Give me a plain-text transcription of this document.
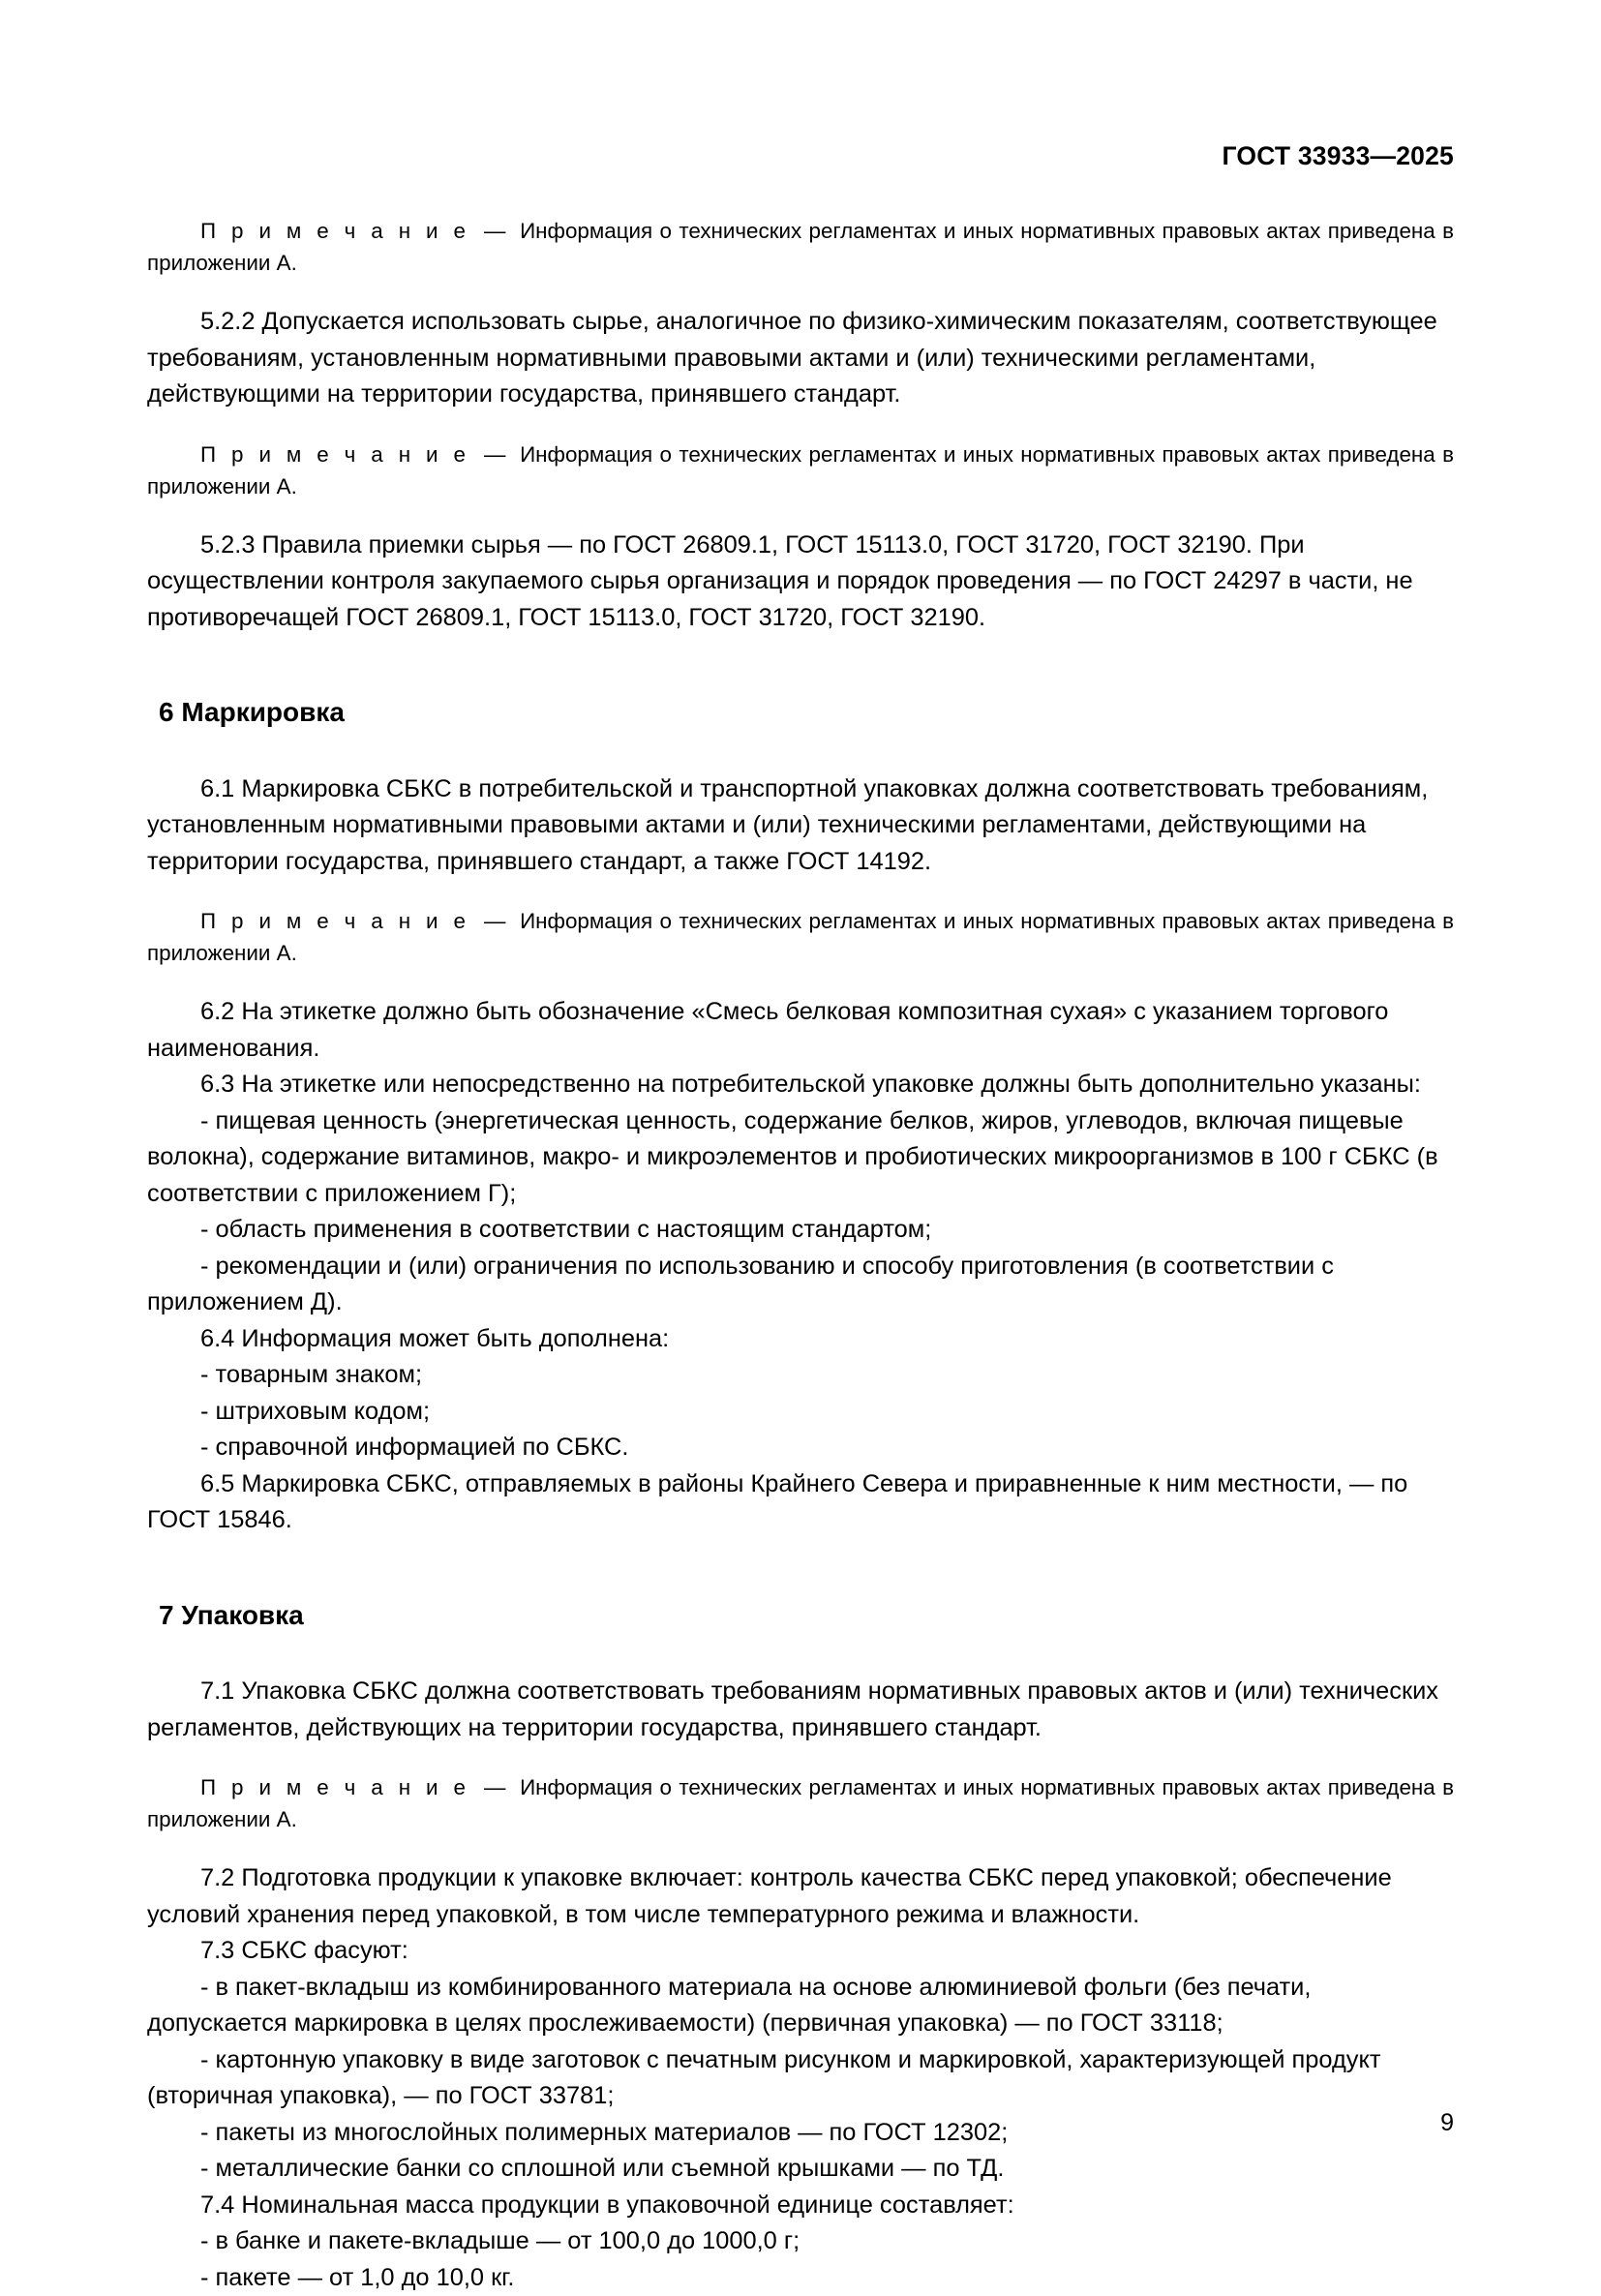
ГОСТ 33933—2025

П р и м е ч а н и е  —  Информация о технических регламентах и иных нормативных правовых актах приведена в приложении А.

5.2.2 Допускается использовать сырье, аналогичное по физико-химическим показателям, соответствующее требованиям, установленным нормативными правовыми актами и (или) техническими регламентами, действующими на территории государства, принявшего стандарт.

П р и м е ч а н и е  —  Информация о технических регламентах и иных нормативных правовых актах приведена в приложении А.

5.2.3 Правила приемки сырья — по ГОСТ 26809.1, ГОСТ 15113.0, ГОСТ 31720, ГОСТ 32190. При осуществлении контроля закупаемого сырья организация и порядок проведения — по ГОСТ 24297 в части, не противоречащей ГОСТ 26809.1, ГОСТ 15113.0, ГОСТ 31720, ГОСТ 32190.

6 Маркировка

6.1 Маркировка СБКС в потребительской и транспортной упаковках должна соответствовать требованиям, установленным нормативными правовыми актами и (или) техническими регламентами, действующими на территории государства, принявшего стандарт, а также ГОСТ 14192.

П р и м е ч а н и е  —  Информация о технических регламентах и иных нормативных правовых актах приведена в приложении А.

6.2 На этикетке должно быть обозначение «Смесь белковая композитная сухая» с указанием торгового наименования.

6.3 На этикетке или непосредственно на потребительской упаковке должны быть дополнительно указаны:

- пищевая ценность (энергетическая ценность, содержание белков, жиров, углеводов, включая пищевые волокна), содержание витаминов, макро- и микроэлементов и пробиотических микроорганизмов в 100 г СБКС (в соответствии с приложением Г);

- область применения в соответствии с настоящим стандартом;

- рекомендации и (или) ограничения по использованию и способу приготовления (в соответствии с приложением Д).

6.4 Информация может быть дополнена:

- товарным знаком;

- штриховым кодом;

- справочной информацией по СБКС.

6.5 Маркировка СБКС, отправляемых в районы Крайнего Севера и приравненные к ним местности, — по ГОСТ 15846.

7 Упаковка

7.1 Упаковка СБКС должна соответствовать требованиям нормативных правовых актов и (или) технических регламентов, действующих на территории государства, принявшего стандарт.

П р и м е ч а н и е  —  Информация о технических регламентах и иных нормативных правовых актах приведена в приложении А.

7.2 Подготовка продукции к упаковке включает: контроль качества СБКС перед упаковкой; обеспечение условий хранения перед упаковкой, в том числе температурного режима и влажности.

7.3 СБКС фасуют:

- в пакет-вкладыш из комбинированного материала на основе алюминиевой фольги (без печати, допускается маркировка в целях прослеживаемости) (первичная упаковка) — по ГОСТ 33118;

- картонную упаковку в виде заготовок с печатным рисунком и маркировкой, характеризующей продукт (вторичная упаковка), — по ГОСТ 33781;

- пакеты из многослойных полимерных материалов — по ГОСТ 12302;

- металлические банки со сплошной или съемной крышками — по ТД.

7.4 Номинальная масса продукции в упаковочной единице составляет:

- в банке и пакете-вкладыше — от 100,0 до 1000,0 г;

- пакете — от 1,0 до 10,0 кг.

9
